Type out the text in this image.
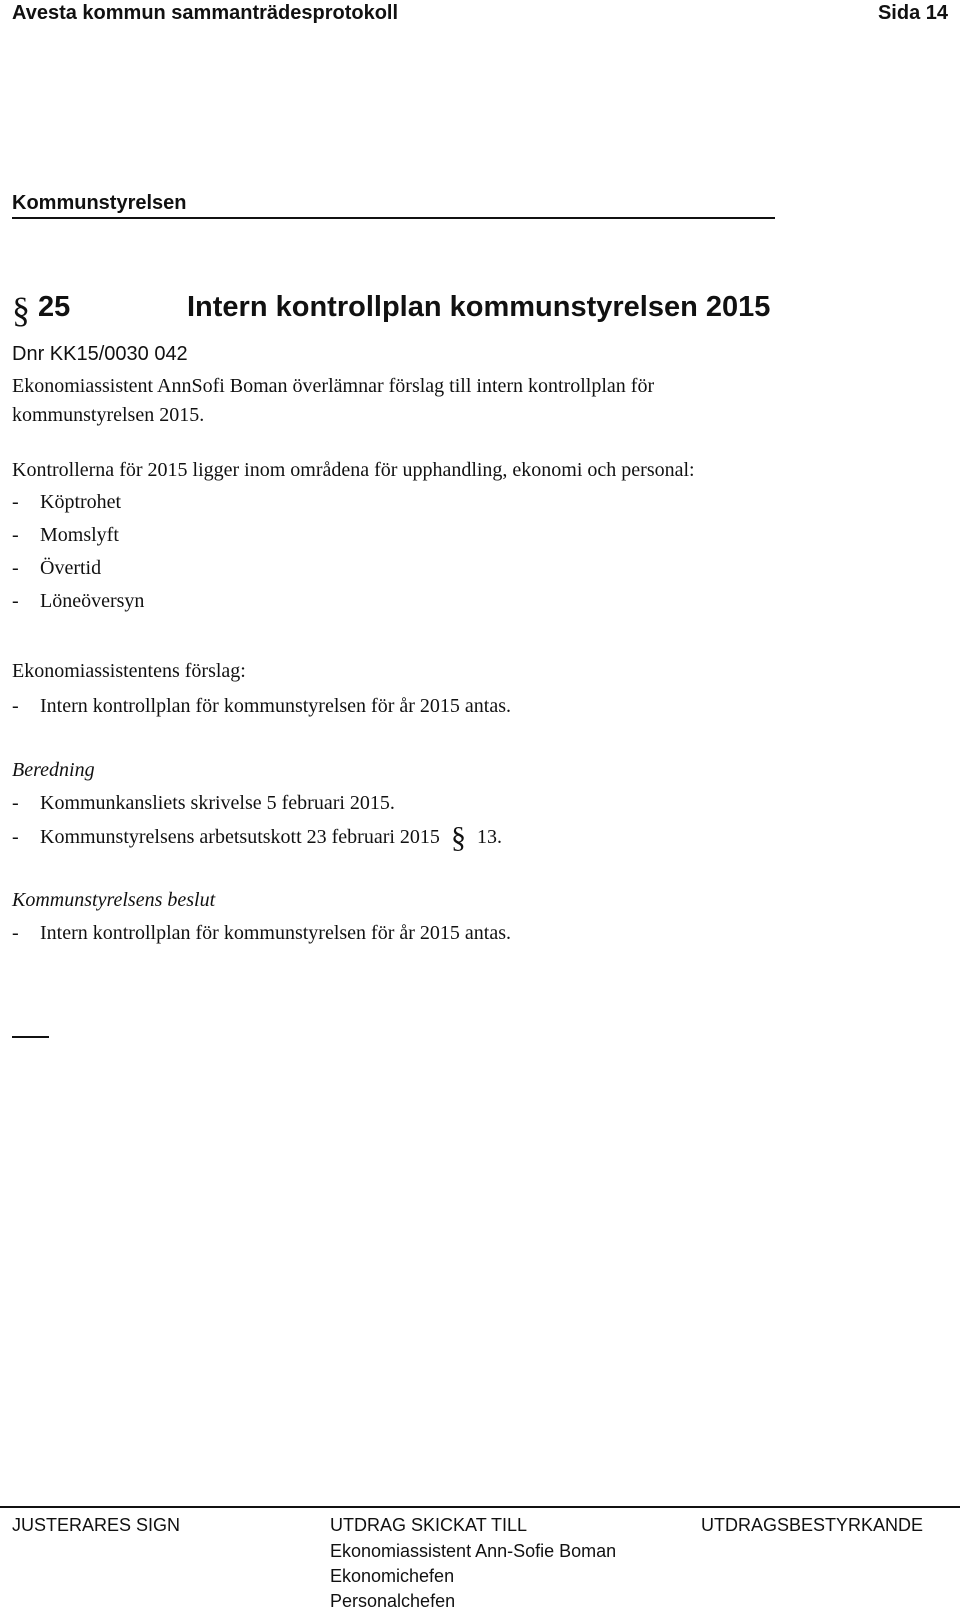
Avesta kommun sammanträdesprotokoll	Sida 14
Kommunstyrelsen
§ 25	Intern kontrollplan kommunstyrelsen 2015
Dnr KK15/0030 042
Ekonomiassistent AnnSofi Boman överlämnar förslag till intern kontrollplan för
kommunstyrelsen 2015.
Kontrollerna för 2015 ligger inom områdena för upphandling, ekonomi och personal:
- Köptrohet
- Momslyft
- Övertid
- Löneöversyn
Ekonomiassistentens förslag:
- Intern kontrollplan för kommunstyrelsen för år 2015 antas.
Beredning
- Kommunkansliets skrivelse 5 februari 2015.
- Kommunstyrelsens arbetsutskott 23 februari 2015 § 13.
Kommunstyrelsens beslut
- Intern kontrollplan för kommunstyrelsen för år 2015 antas.
JUSTERARES SIGN	UTDRAG SKICKAT TILL
Ekonomiassistent Ann-Sofie Boman
Ekonomichefen
Personalchefen
UTDRAGSBESTYRKANDE
